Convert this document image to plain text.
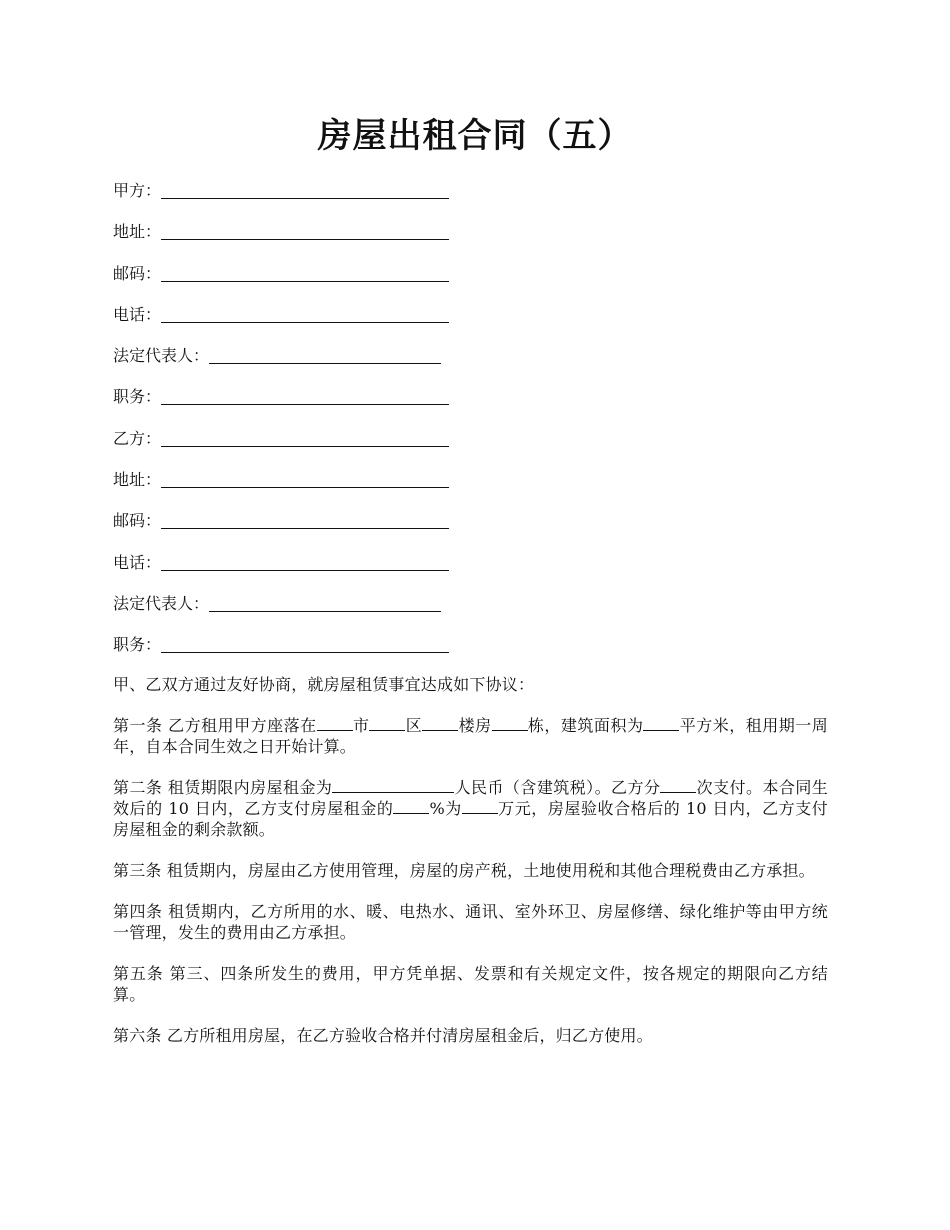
房屋出租合同（五）
甲方：
地址：
邮码：
电话：
法定代表人：
职务：
乙方：
地址：
邮码：
电话：
法定代表人：
职务：

甲、乙双方通过友好协商，就房屋租赁事宜达成如下协议：

第一条 乙方租用甲方座落在 市 区 楼房 栋，建筑面积为 平方米，租用期一周年，自本合同生效之日开始计算。

第二条 租赁期限内房屋租金为	人民币（含建筑税）。乙方分 次支付。本合同生效后的 10 日内，乙方支付房屋租金的 %为 万元，房屋验收合格后的 10 日内，乙方支付房屋租金的剩余款额。

第三条 租赁期内，房屋由乙方使用管理，房屋的房产税，土地使用税和其他合理税费由乙方承担。

第四条 租赁期内，乙方所用的水、暖、电热水、通讯、室外环卫、房屋修缮、绿化维护等由甲方统一管理，发生的费用由乙方承担。

第五条 第三、四条所发生的费用，甲方凭单据、发票和有关规定文件，按各规定的期限向乙方结算。

第六条 乙方所租用房屋，在乙方验收合格并付清房屋租金后，归乙方使用。
